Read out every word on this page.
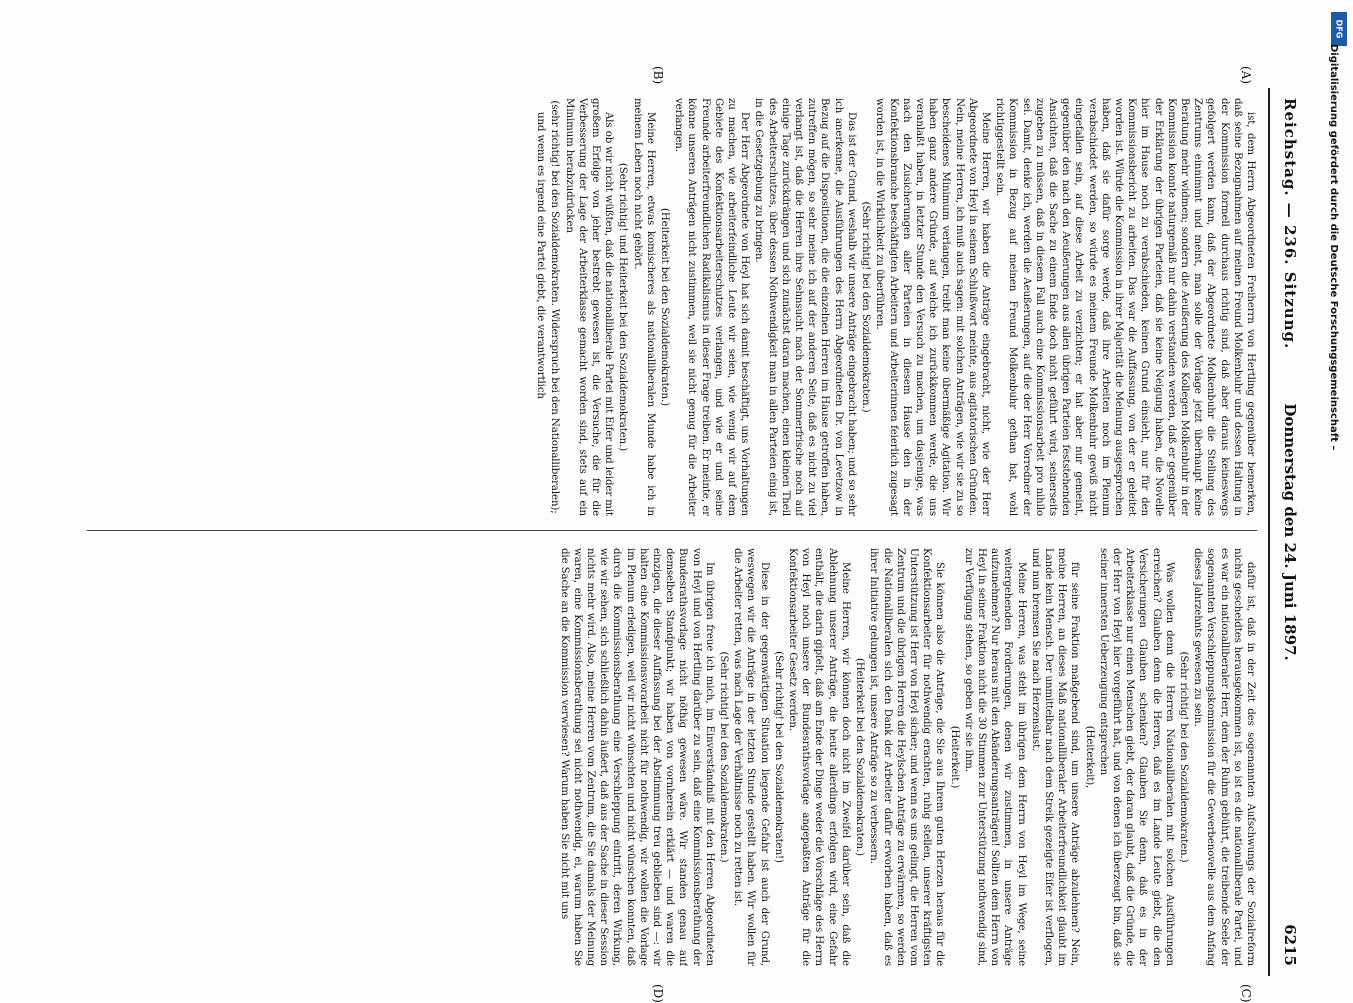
Reichstag. — 236. Sitzung.
Donnerstag den 24. Juni 1897.
6215
(A)
(B)
(C)
(D)

ist, dem Herrn Abgeordneten Freiherrn von Hertling gegenüber bemerken, daß seine Bezugnahmen auf meinen Freund Molkenbuhr und dessen Haltung in der Kommission formell durchaus richtig sind, daß aber daraus keineswegs gefolgert werden kann, daß der Abgeordnete Molkenbuhr die Stellung des Zentrums einnimmt und meint, man solle der Vorlage jetzt überhaupt keine Beratung mehr widmen; sondern die Aeußerung des Kollegen Molkenbuhr in der Kommission konnte naturgemäß nur dahin verstanden werden, daß er gegenüber der Erklärung der übrigen Parteien, daß sie keine Neigung haben, die Novelle hier im Hause noch zu verabschieden, keinen Grund einsieht, nur für den Kommissionsbericht zu arbeiten. Das war die Auffassung, von der er geleitet worden ist. Würde die Kommission in ihrer Majorität die Meinung ausgesprochen haben, daß sie dafür sorge werde, daß ihre Arbeiten noch im Plenum verabschiedet werden, so würde es meinem Freunde Molkenbuhr gewiß nicht eingefallen sein, auf diese Arbeit zu verzichten; er hat aber nur gemeint, gegenüber den nach den Aeußerungen aus allen übrigen Parteien feststehenden Ansichten, daß die Sache zu einem Ende doch nicht geführt wird, seinerseits zugeben zu müssen, daß in diesem Fall auch eine Kommissionsarbeit pro nihilo sei. Damit, denke ich, werden die Aeußerungen, auf die der Herr Vorredner der Kommission in Bezug auf meinen Freund Molkenbuhr gethan hat, wohl richtiggestellt sein.

Meine Herren, wir haben die Anträge eingebracht, nicht, wie der Herr Abgeordnete von Heyl in seinem Schlußwort meinte, aus agitatorischen Gründen. Nein, meine Herren, ich muß auch sagen: mit solchen Anträgen, wie wir sie zu so bescheidenes Minimum verlangen, treibt man keine übermäßige Agitation. Wir haben ganz andere Gründe, auf welche ich zurückkommen werde, die uns veranlaßt haben, in letzter Stunde den Versuch zu machen, um dasjenige, was nach den Zusicherungen aller Parteien in diesem Hause den in der Konfektionsbranche beschäftigten Arbeitern und Arbeiterinnen feierlich zugesagt worden ist, in die Wirklichkeit zu überführen.

(Sehr richtig! bei den Sozialdemokraten.)

Das ist der Grund, weshalb wir unsere Anträge eingebracht haben; und so sehr ich anerkenne, die Ausführungen des Herrn Abgeordneten Dr. von Levetzow in Bezug auf die Dispositionen, die die einzelnen Herren im Hause getroffen haben, zutreffen mögen, so sehr meine ich auf der anderen Seite, daß es nicht zu viel verlangt ist, daß die Herren ihre Sehnsucht nach der Sommerfrische noch auf einige Tage zurückdrängen und sich zunächst daran machen, einen kleinen Theil des Arbeiterschutzes, über dessen Nothwendigkeit man in allen Parteien einig ist, in die Gesetzgebung zu bringen.

Der Herr Abgeordnete von Heyl hat sich damit beschäftigt, uns Vorhaltungen zu machen, wie arbeiterfeindliche Leute wir seien, wie wenig wir auf dem Gebiete des Konfektionsarbeiterschutzes verlangen, und wie er und seine Freunde arbeiterfreundlichen Radikalismus in dieser Frage treiben. Er meinte, er könne unseren Anträgen nicht zustimmen, weil sie nicht genug für die Arbeiter verlangen.

(Heiterkeit bei den Sozialdemokraten.)

Meine Herren, etwas komischeres als nationalliberalen Munde habe ich in meinem Leben noch nicht gehört.

(Sehr richtig! und Heiterkeit bei den Sozialdemokraten.)

Als ob wir nicht wüßten, daß die nationalliberale Partei mit Eifer und leider mit großem Erfolge von jeher bestrebt gewesen ist, die Versuche, die für die Verbesserung der Lage der Arbeiterklasse gemacht worden sind, stets auf ein Minimum herabzudrücken

(sehr richtig! bei den Sozialdemokraten. Widerspruch bei den Nationalliberalen);

und wenn es irgend eine Partei giebt, die verantwortlich

dafür ist, daß in der Zeit des sogenannten Aufschwungs der Sozialreform nichts gescheidtes herausgekommen ist, so ist es die nationalliberale Partei, und es war ein nationalliberaler Herr, dem der Ruhm gebührt, die treibende Seele der sogenannten Verschleppungskommission für die Gewerbenovelle aus dem Anfang dieses Jahrzehnts gewesen zu sein.

(Sehr richtig! bei den Sozialdemokraten.)

Was wollen denn die Herren Nationalliberalen mit solchen Ausführungen erreichen? Glauben denn die Herren, daß es im Lande Leute giebt, die den Versicherungen Glauben schenken? Glauben Sie denn, daß es in der Arbeiterklasse nur einen Menschen giebt, der daran glaubt, daß die Gründe, die der Herr von Heyl hier vorgeführt hat, und von denen ich überzeugt bin, daß sie seiner innersten Ueberzeugung entsprechen

(Heiterkeit),

für seine Fraktion maßgebend sind, um unsere Anträge abzulehnen? Nein, meine Herren, an dieses Maß nationalliberaler Arbeiterfreundlichkeit glaubt im Lande kein Mensch. Der unmittelbar nach dem Streik gezeigte Eifer ist verflogen, und nun bremsen Sie nach Herzenslust.

Meine Herren, was steht im übrigen dem Herrn von Heyl im Wege, seine weitergehenden Forderungen, denen wir zustimmen, in unsere Anträge aufzunehmen? Nur heraus mit den Abänderungsanträgen! Sollten dem Herrn von Heyl in seiner Fraktion nicht die 30 Stimmen zur Unterstützung nothwendig sind, zur Verfügung stehen, so geben wir sie ihm.

(Heiterkeit.)

Sie können also die Anträge, die Sie aus Ihrem guten Herzen heraus für die Konfektionsarbeiter für nothwendig erachten, ruhig stellen, unserer kräftigsten Unterstützung ist Herr von Heyl sicher; und wenn es uns gelingt, die Herren vom Zentrum und die übrigen Herren die Heylschen Anträge zu erwärmen, so werden die Nationalliberalen sich den Dank der Arbeiter dafür erworben haben, daß es ihrer Initiative gelungen ist, unsere Anträge so zu verbessern.

(Heiterkeit bei den Sozialdemokraten.)

Meine Herren, wir können doch nicht im Zweifel darüber sein, daß die Ablehnung unserer Anträge, die heute allerdings erfolgen wird, eine Gefahr enthält, die darin gipfelt, daß am Ende der Dinge weder die Vorschläge des Herrn von Heyl noch unsere der Bundesrathsvorlage angepaßten Anträge für die Konfektionsarbeiter Gesetz werden.

(Sehr richtig! bei den Sozialdemokraten!)

Diese in der gegenwärtigen Situation liegende Gefahr ist auch der Grund, weswegen wir die Anträge in der letzten Stunde gestellt haben. Wir wollen für die Arbeiter retten, was nach Lage der Verhältnisse noch zu retten ist.

(Sehr richtig! bei den Sozialdemokraten.)

Im übrigen freue ich mich, im Einverständniß mit den Herren Abgeordneten von Heyl und von Hertling darüber zu sein, daß eine Kommissionsberathung der Bundesrathsvorlage nicht nöthig gewesen wäre. Wir standen genau auf demselben Standpunkt; wir haben von vornherein erklärt — und waren die einzigen, die dieser Auffassung bei der Abstimmung treu geblieben sind —: wir halten eine Kommissionsvorarbeit nicht für nothwendig, wir wollen die Vorlage im Plenum erledigen, weil wir nicht wünschten und nicht wünschen konnten, daß durch die Kommissionsberathung eine Verschleppung eintritt, deren Wirkung, wie wir sehen, sich schließlich dahin äußert, daß aus der Sache in dieser Session nichts mehr wird. Also, meine Herren vom Zentrum, die Sie damals der Meinung waren, eine Kommissionsberathung sei nicht nothwendig, ei, warum haben Sie die Sache an die Kommission verwiesen? Warum haben Sie nicht mit uns

DFG
Digitalisierung gefördert durch die Deutsche Forschungsgemeinschaft –
